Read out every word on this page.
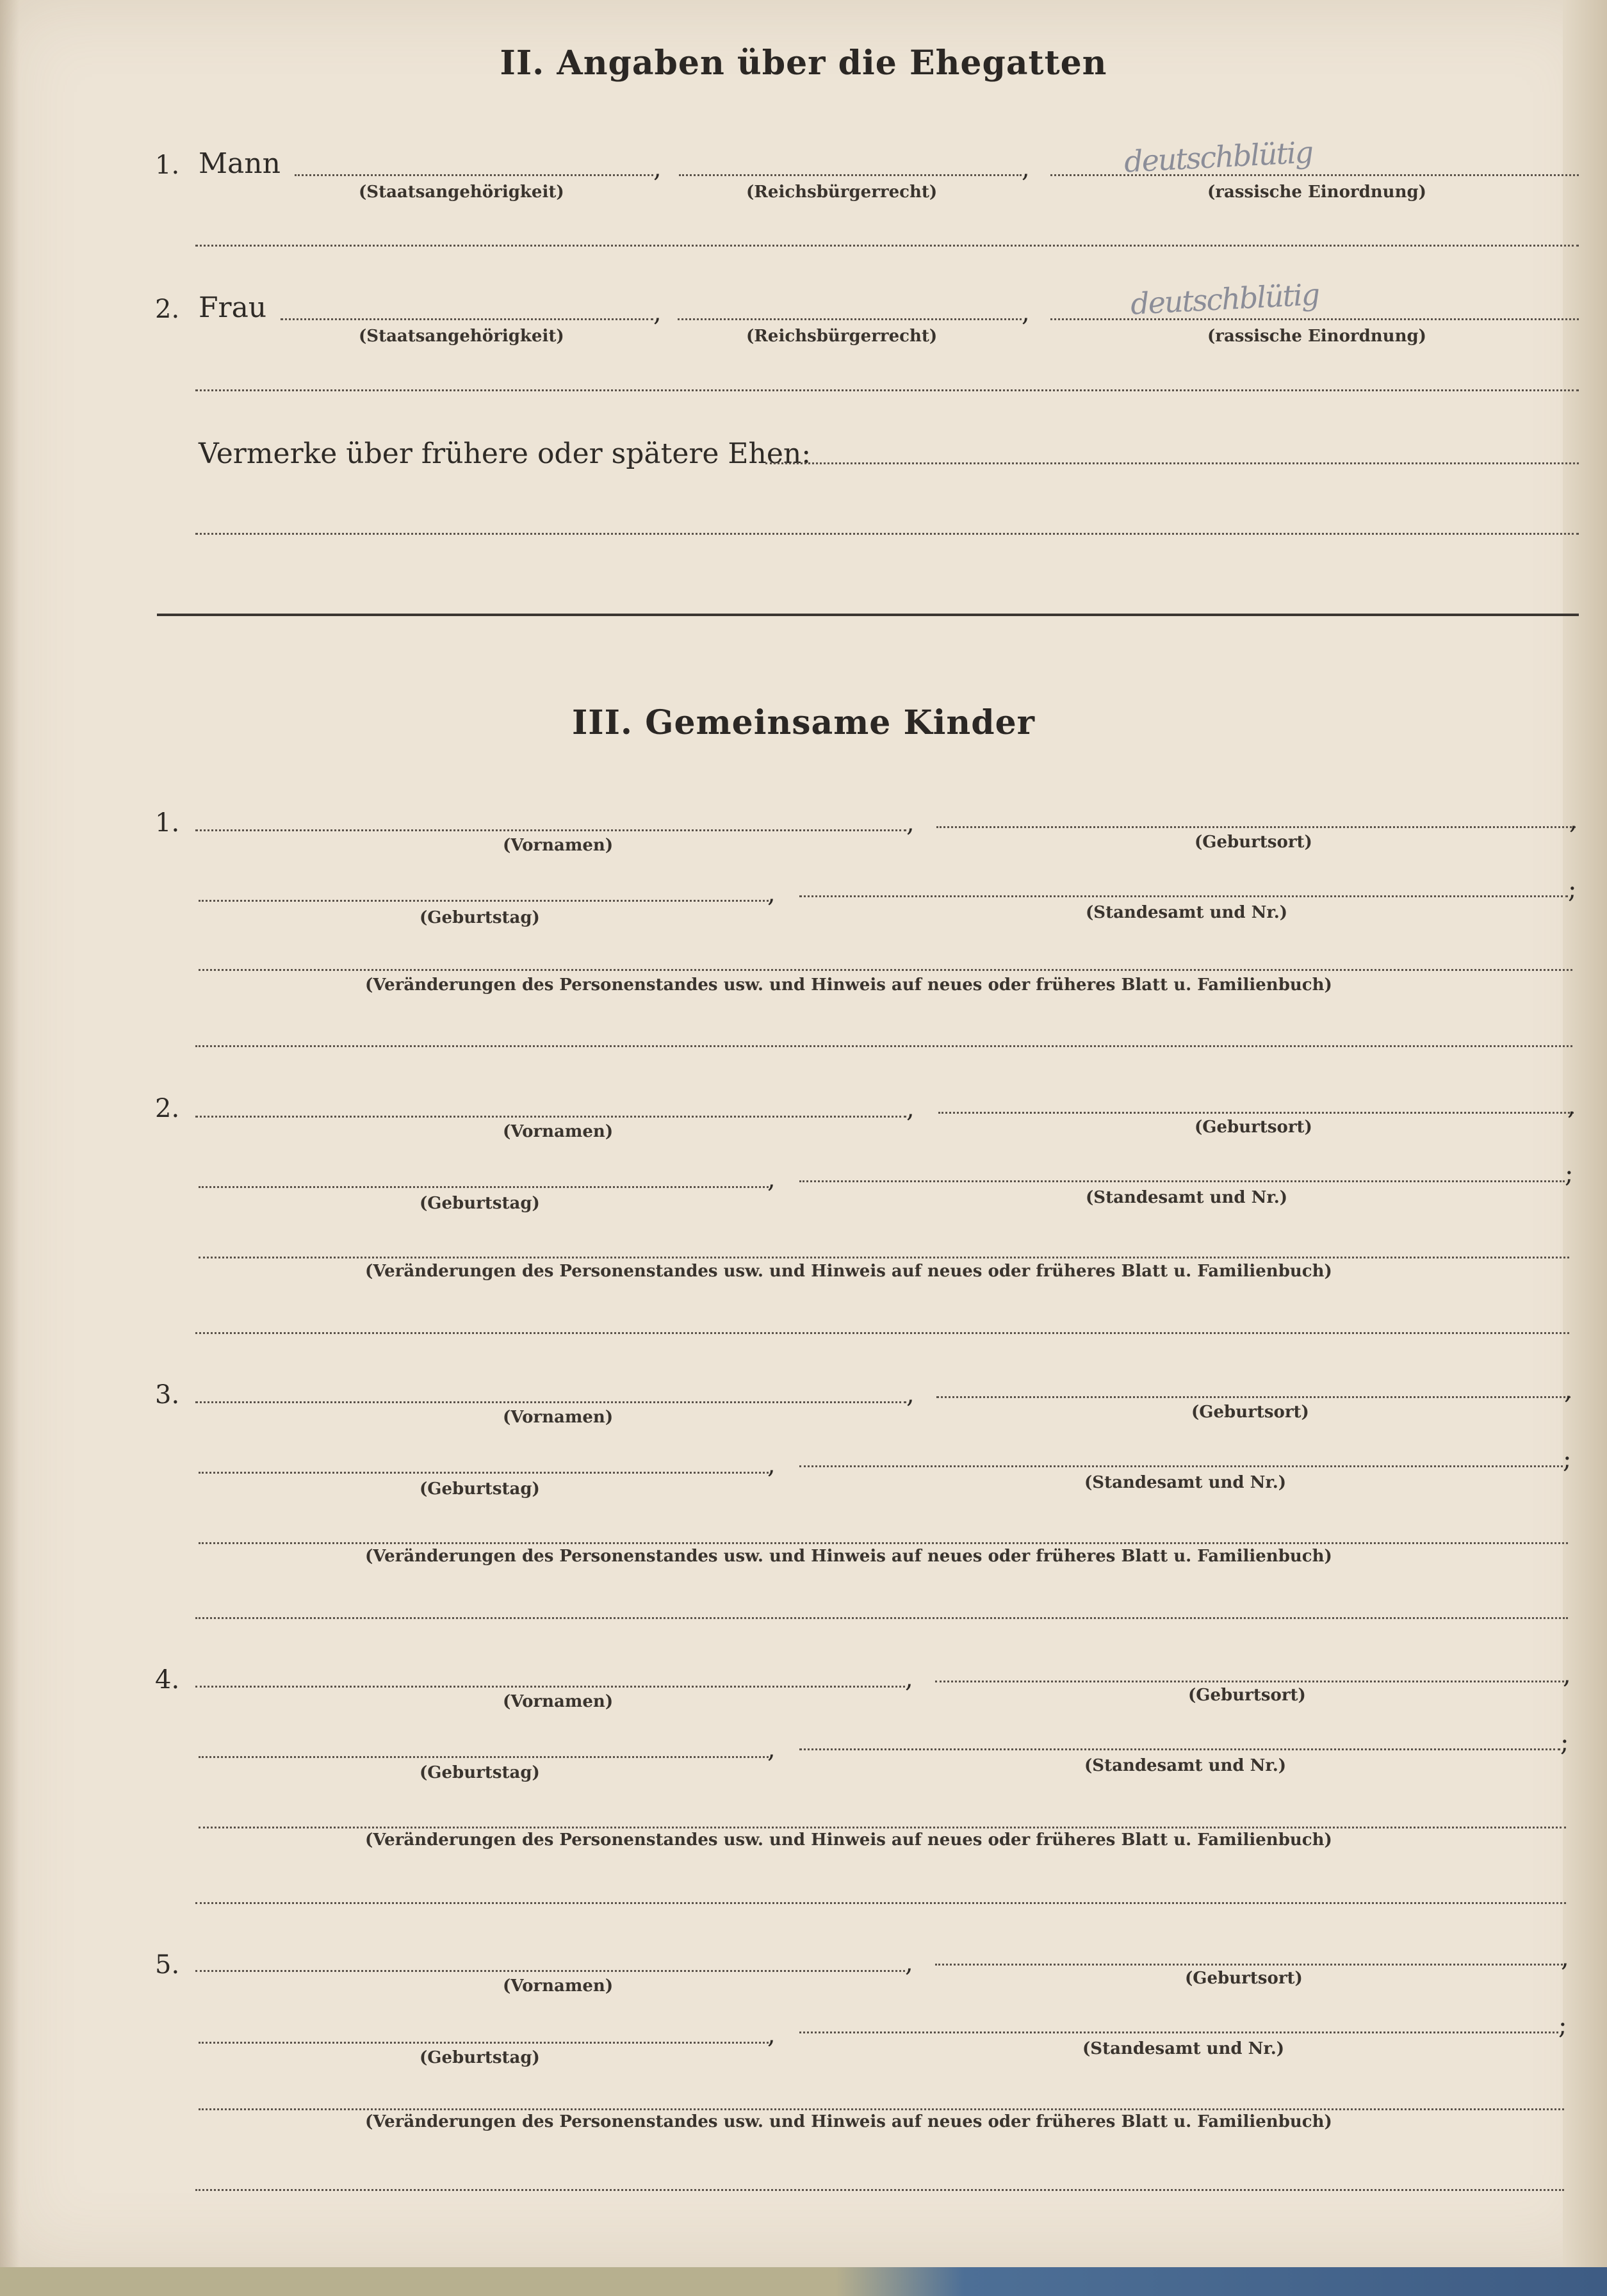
II. Angaben über die Ehegatten
1. Mann	,	,	deutschblütig
(Staatsangehörigkeit)	(Reichsbürgerrecht)	(rassische Einordnung)
2. Frau	,	,	deutschblütig
(Staatsangehörigkeit)	(Reichsbürgerrecht)	(rassische Einordnung)
Vermerke über frühere oder spätere Ehen:
III. Gemeinsame Kinder
1.	,	,
(Vornamen)	(Geburtsort)
,	;
(Geburtstag)	(Standesamt und Nr.)
(Veränderungen des Personenstandes usw. und Hinweis auf neues oder früheres Blatt u. Familienbuch)
2.	,	,
(Vornamen)	(Geburtsort)
,	;
(Geburtstag)	(Standesamt und Nr.)
(Veränderungen des Personenstandes usw. und Hinweis auf neues oder früheres Blatt u. Familienbuch)
3.	,	,
(Vornamen)	(Geburtsort)
,	;
(Geburtstag)	(Standesamt und Nr.)
(Veränderungen des Personenstandes usw. und Hinweis auf neues oder früheres Blatt u. Familienbuch)
4.	,	,
(Vornamen)	(Geburtsort)
,	;
(Geburtstag)	(Standesamt und Nr.)
(Veränderungen des Personenstandes usw. und Hinweis auf neues oder früheres Blatt u. Familienbuch)
5.	,	,
(Vornamen)	(Geburtsort)
,	;
(Geburtstag)	(Standesamt und Nr.)
(Veränderungen des Personenstandes usw. und Hinweis auf neues oder früheres Blatt u. Familienbuch)
